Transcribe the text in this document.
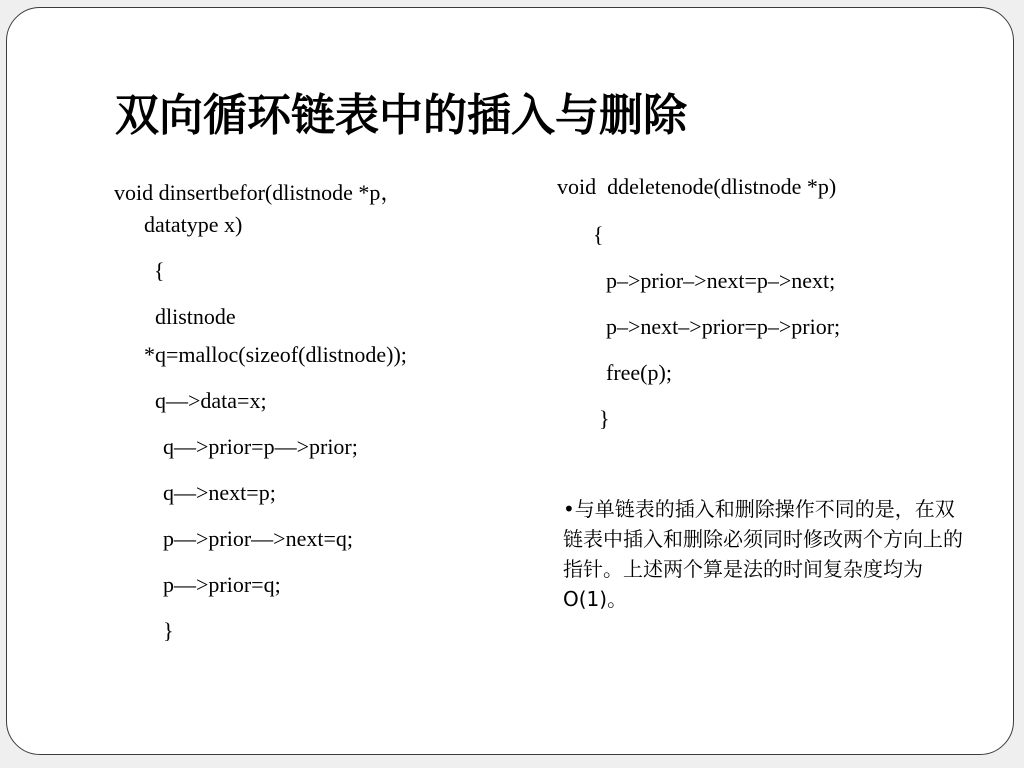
双向循环链表中的插入与删除
void dinsertbefor(dlistnode *p，
datatype x)
{
dlistnode
*q=malloc(sizeof(dlistnode));
q—>data=x;
q—>prior=p—>prior;
q—>next=p;
p—>prior—>next=q;
p—>prior=q;
}
void  ddeletenode(dlistnode *p)
{
p–>prior–>next=p–>next;
p–>next–>prior=p–>prior;
free(p);
}

•与单链表的插入和删除操作不同的是，在双链表中插入和删除必须同时修改两个方向上的指针。上述两个算是法的时间复杂度均为O(1)。
